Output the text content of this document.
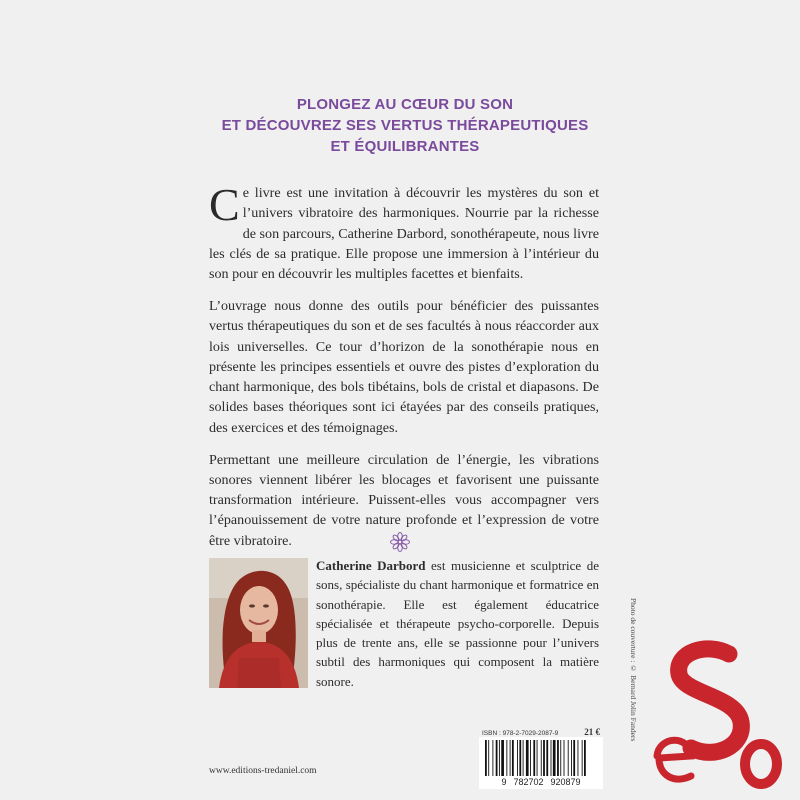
PLONGEZ AU CŒUR DU SON
ET DÉCOUVREZ SES VERTUS THÉRAPEUTIQUES
ET ÉQUILIBRANTES

Ce livre est une invitation à découvrir les mystères du son et l’univers vibratoire des harmoniques. Nourrie par la richesse de son parcours, Catherine Darbord, sonothérapeute, nous livre les clés de sa pratique. Elle propose une immersion à l’intérieur du son pour en découvrir les multiples facettes et bienfaits.

L’ouvrage nous donne des outils pour bénéficier des puissantes vertus thérapeutiques du son et de ses facultés à nous réaccorder aux lois universelles. Ce tour d’horizon de la sonothérapie nous en présente les principes essentiels et ouvre des pistes d’exploration du chant harmonique, des bols tibétains, bols de cristal et diapasons. De solides bases théoriques sont ici étayées par des conseils pratiques, des exercices et des témoignages.

Permettant une meilleure circulation de l’énergie, les vibrations sonores viennent libérer les blocages et favorisent une puissante transformation intérieure. Puissent-elles vous accompagner vers l’épanouissement de votre nature profonde et l’expression de votre être vibratoire.

Catherine Darbord est musicienne et sculptrice de sons, spécialiste du chant harmonique et formatrice en sonothérapie. Elle est également éducatrice spécialisée et thérapeute psycho-corporelle. Depuis plus de trente ans, elle se passionne pour l’univers subtil des harmoniques qui composent la matière sonore.	Photo de couverture : © Bernard Jolin Fanders
ISBN : 978-2-7029-2087-9	21 €
9 782702 920879
www.editions-tredaniel.com
